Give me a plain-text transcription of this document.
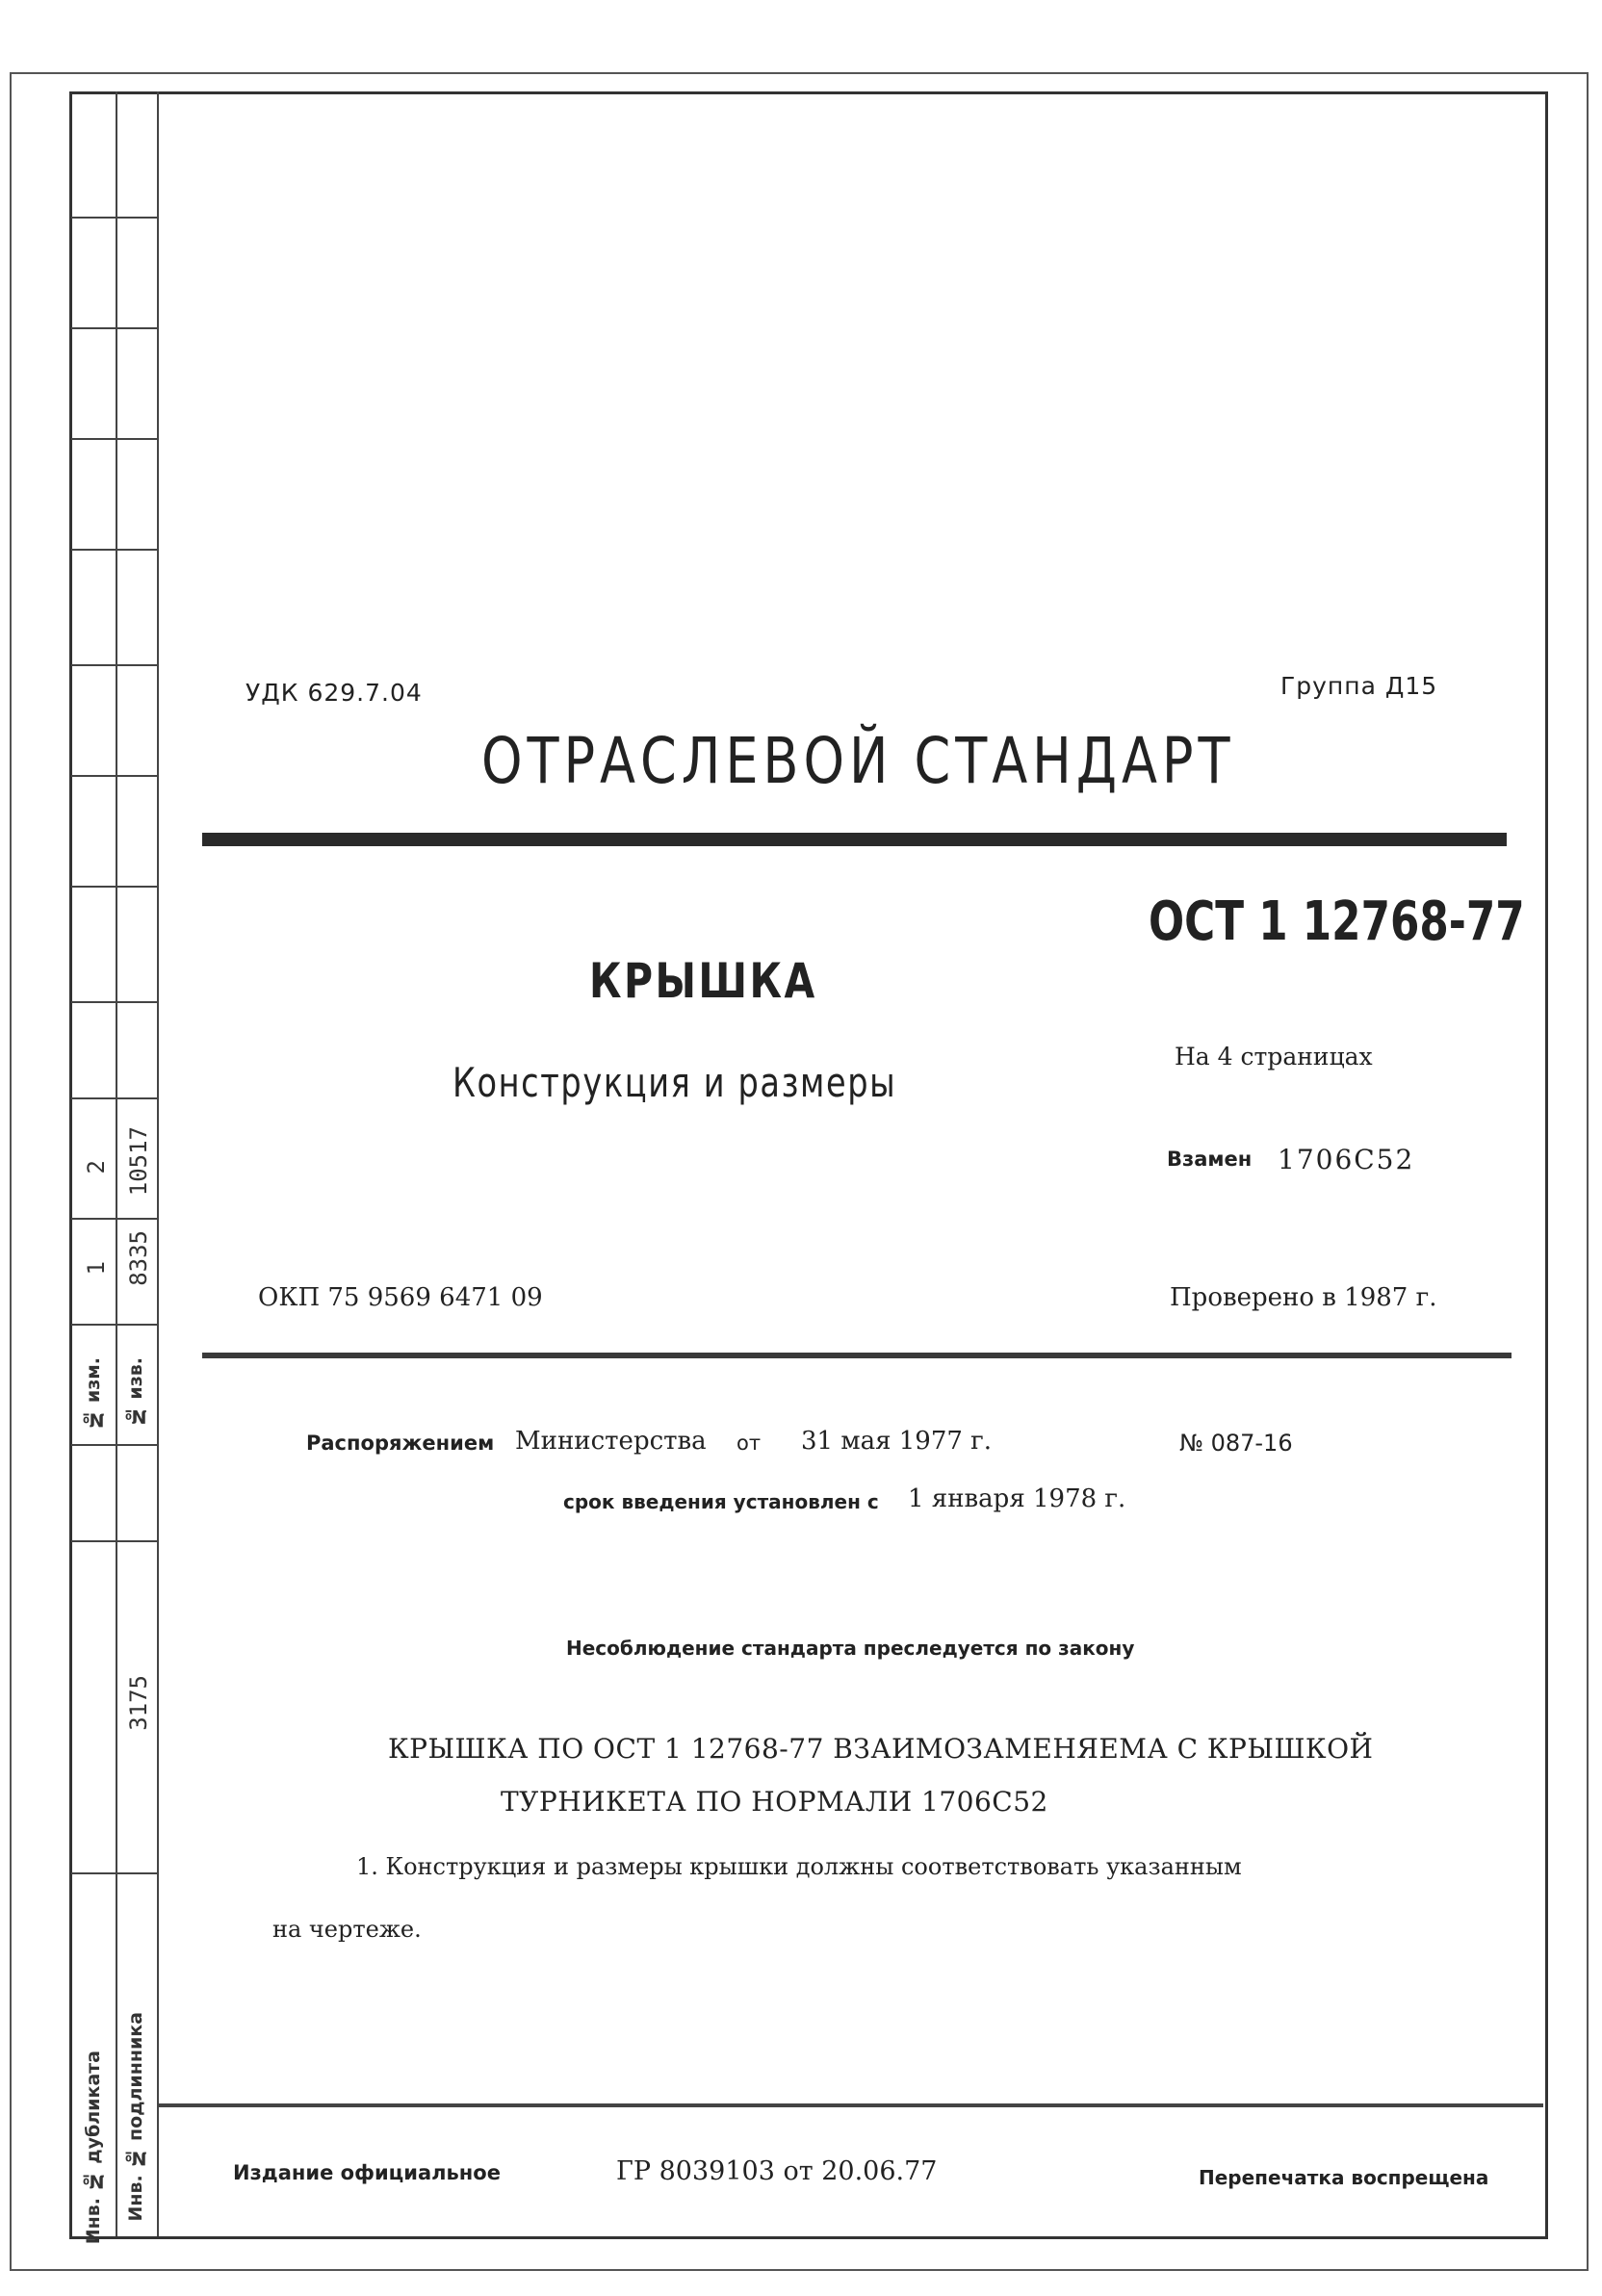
2 10517
1 8335
№ изм. № изв.
3175
Инв. № дубликата Инв. № подлинника
УДК 629.7.04	Группа Д15
ОТРАСЛЕВОЙ СТАНДАРТ
ОСТ 1 12768-77
КРЫШКА
Конструкция и размеры
На 4 страницах
Взамен 1706С52
ОКП 75 9569 6471 09	Проверено в 1987 г.
Распоряжением Министерства от 31 мая 1977 г.	№ 087-16
срок введения установлен с 1 января 1978 г.
Несоблюдение стандарта преследуется по закону
КРЫШКА ПО ОСТ 1 12768-77 ВЗАИМОЗАМЕНЯЕМА С КРЫШКОЙ
ТУРНИКЕТА ПО НОРМАЛИ 1706С52
1. Конструкция и размеры крышки должны соответствовать указанным
на чертеже.
Издание официальное	ГР 8039103 от 20.06.77	Перепечатка воспрещена
